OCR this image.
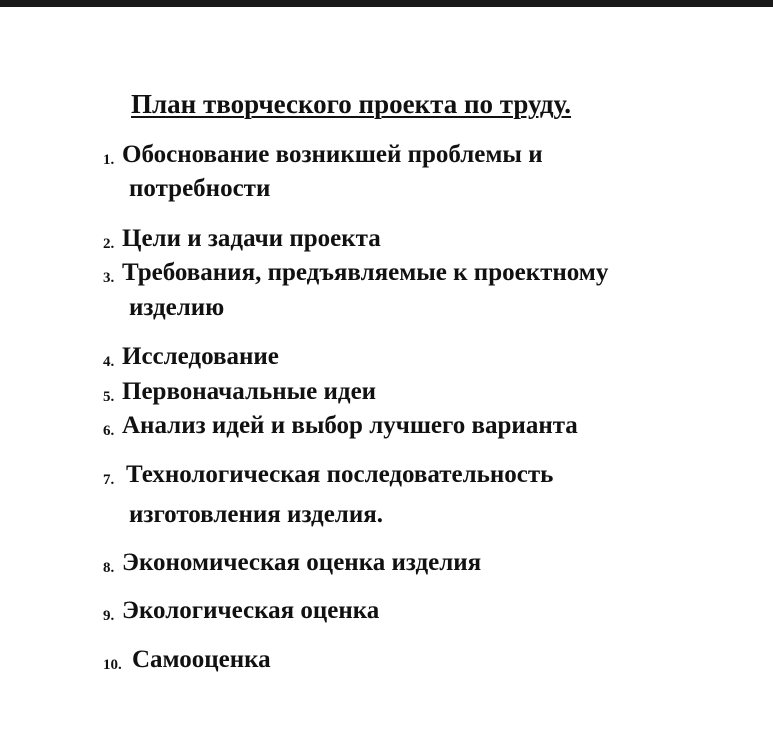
План творческого проекта по труду.
1. Обоснование возникшей проблемы и
потребности
2. Цели и задачи проекта
3. Требования, предъявляемые к проектному
изделию
4. Исследование
5. Первоначальные идеи
6. Анализ идей и выбор лучшего варианта
7. Технологическая последовательность
изготовления изделия.
8. Экономическая оценка изделия
9. Экологическая оценка
10. Самооценка
